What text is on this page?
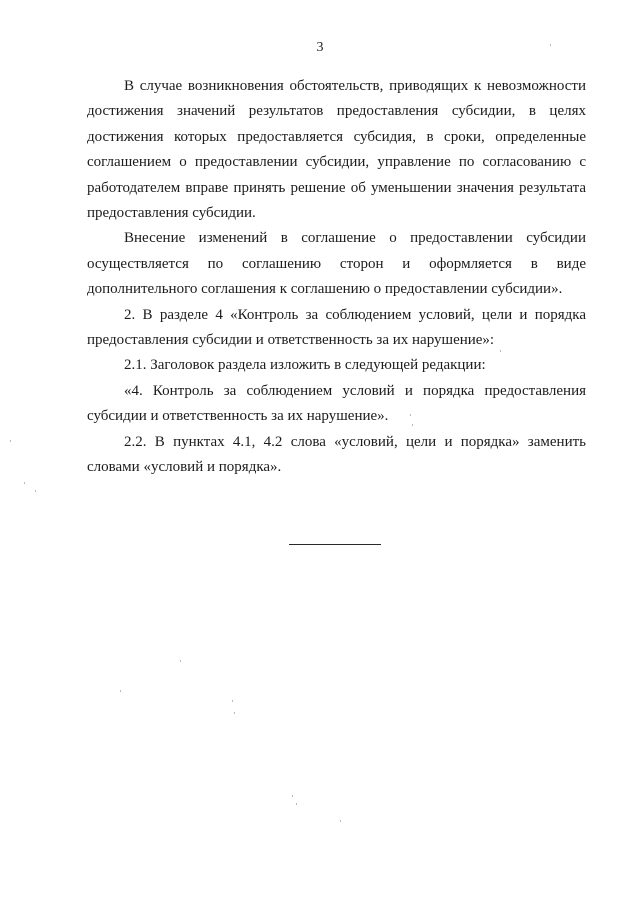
3

В случае возникновения обстоятельств, приводящих к невозможности
достижения значений результатов предоставления субсидии, в целях
достижения которых предоставляется субсидия, в сроки, определенные
соглашением о предоставлении субсидии, управление по согласованию с
работодателем вправе принять решение об уменьшении значения результата
предоставления субсидии.

Внесение изменений в соглашение о предоставлении субсидии
осуществляется по соглашению сторон и оформляется в виде
дополнительного соглашения к соглашению о предоставлении субсидии».

2. В разделе 4 «Контроль за соблюдением условий, цели и порядка
предоставления субсидии и ответственность за их нарушение»:

2.1. Заголовок раздела изложить в следующей редакции:

«4. Контроль за соблюдением условий и порядка предоставления
субсидии и ответственность за их нарушение».

2.2. В пунктах 4.1, 4.2 слова «условий, цели и порядка» заменить
словами «условий и порядка».
